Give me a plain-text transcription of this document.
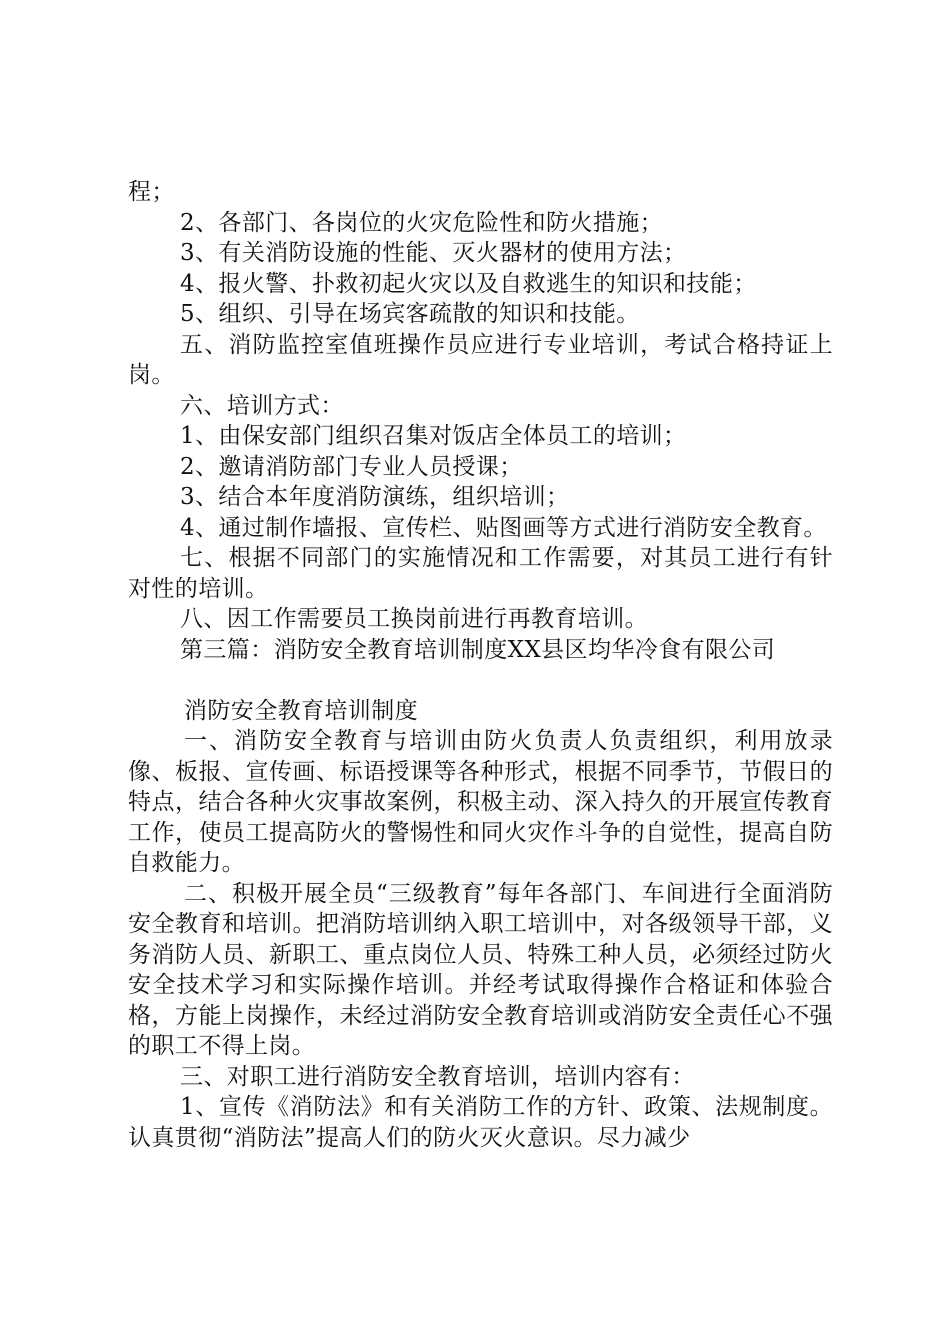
程；

2、各部门、各岗位的火灾危险性和防火措施；

3、有关消防设施的性能、灭火器材的使用方法；

4、报火警、扑救初起火灾以及自救逃生的知识和技能；

5、组织、引导在场宾客疏散的知识和技能。

五、消防监控室值班操作员应进行专业培训，考试合格持证上岗。

六、培训方式：

1、由保安部门组织召集对饭店全体员工的培训；

2、邀请消防部门专业人员授课；

3、结合本年度消防演练，组织培训；

4、通过制作墙报、宣传栏、贴图画等方式进行消防安全教育。

七、根据不同部门的实施情况和工作需要，对其员工进行有针对性的培训。

八、因工作需要员工换岗前进行再教育培训。

第三篇：消防安全教育培训制度XX县区均华冷食有限公司

消防安全教育培训制度

一、消防安全教育与培训由防火负责人负责组织，利用放录像、板报、宣传画、标语授课等各种形式，根据不同季节，节假日的特点，结合各种火灾事故案例，积极主动、深入持久的开展宣传教育工作，使员工提高防火的警惕性和同火灾作斗争的自觉性，提高自防自救能力。

二、积极开展全员“三级教育”每年各部门、车间进行全面消防安全教育和培训。把消防培训纳入职工培训中，对各级领导干部，义务消防人员、新职工、重点岗位人员、特殊工种人员，必须经过防火安全技术学习和实际操作培训。并经考试取得操作合格证和体验合格，方能上岗操作，未经过消防安全教育培训或消防安全责任心不强的职工不得上岗。

三、对职工进行消防安全教育培训，培训内容有：

1、宣传《消防法》和有关消防工作的方针、政策、法规制度。认真贯彻“消防法”提高人们的防火灭火意识。尽力减少
